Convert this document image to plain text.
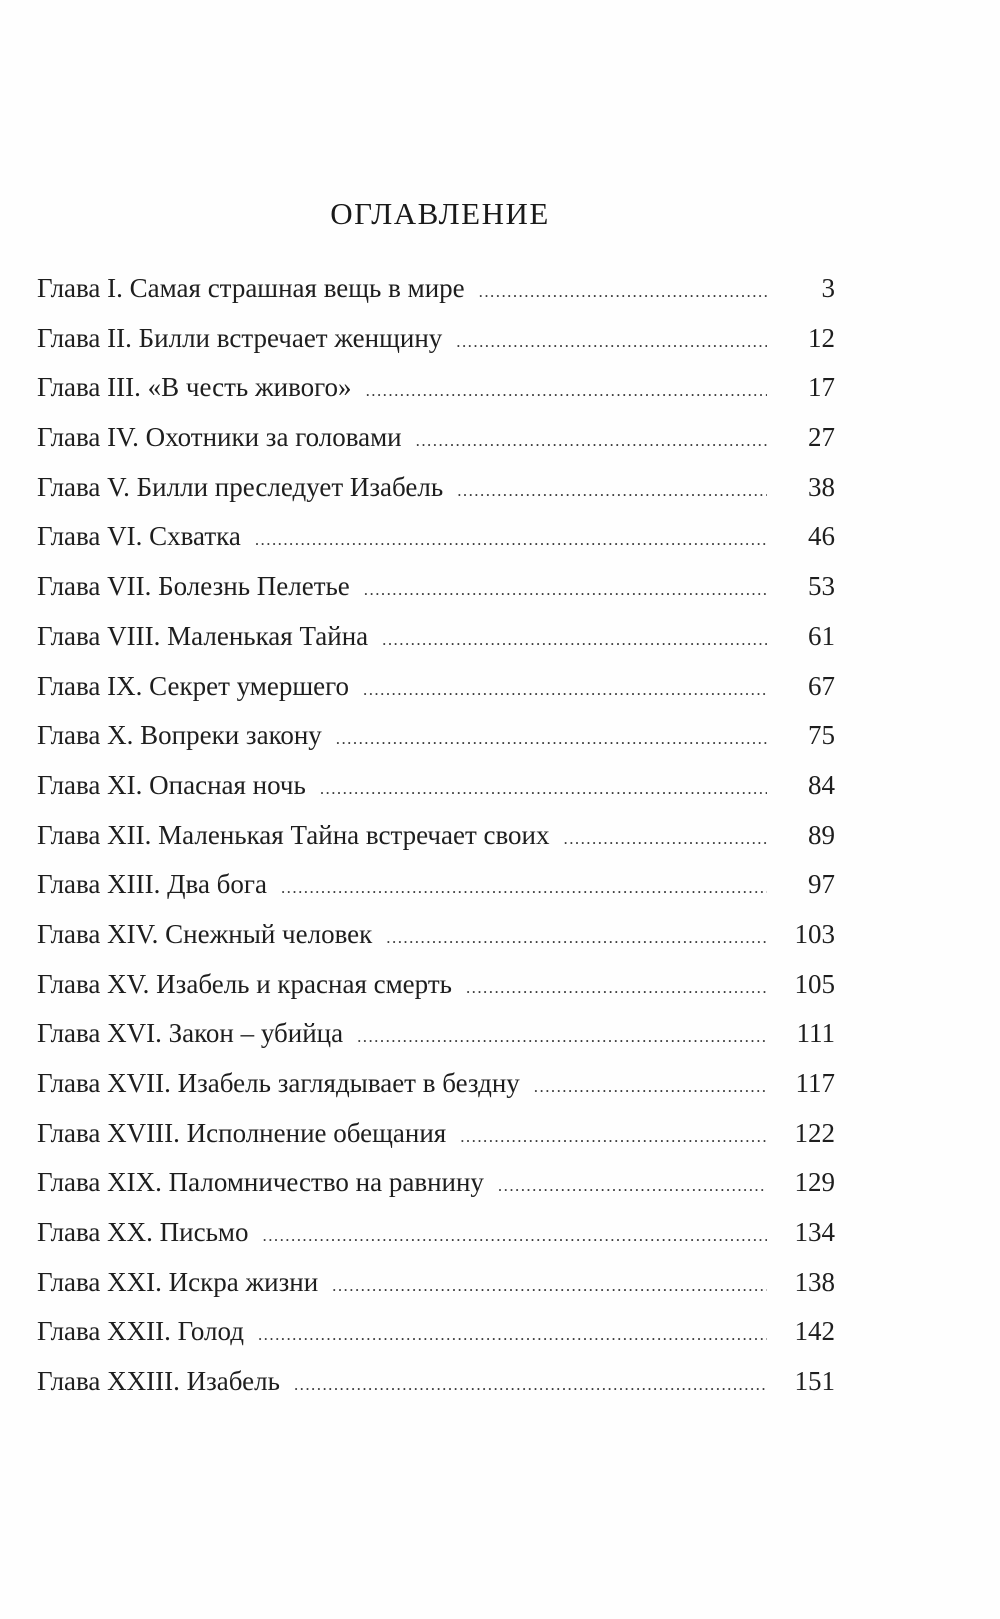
ОГЛАВЛЕНИЕ
Глава I. Самая страшная вещь в мире . . .	3
Глава II. Билли встречает женщину . . .	12
Глава III. «В честь живого» . . .	17
Глава IV. Охотники за головами . . .	27
Глава V. Билли преследует Изабель . . .	38
Глава VI. Схватка . . .	46
Глава VII. Болезнь Пелетье . . .	53
Глава VIII. Маленькая Тайна . . .	61
Глава IX. Секрет умершего . . .	67
Глава X. Вопреки закону . . .	75
Глава XI. Опасная ночь . . .	84
Глава XII. Маленькая Тайна встречает своих . . .	89
Глава XIII. Два бога . . .	97
Глава XIV. Снежный человек . . .	103
Глава XV. Изабель и красная смерть . . .	105
Глава XVI. Закон – убийца . . .	111
Глава XVII. Изабель заглядывает в бездну . . .	117
Глава XVIII. Исполнение обещания . . .	122
Глава XIX. Паломничество на равнину . . .	129
Глава XX. Письмо . . .	134
Глава XXI. Искра жизни . . .	138
Глава XXII. Голод . . .	142
Глава XXIII. Изабель . . .	151
